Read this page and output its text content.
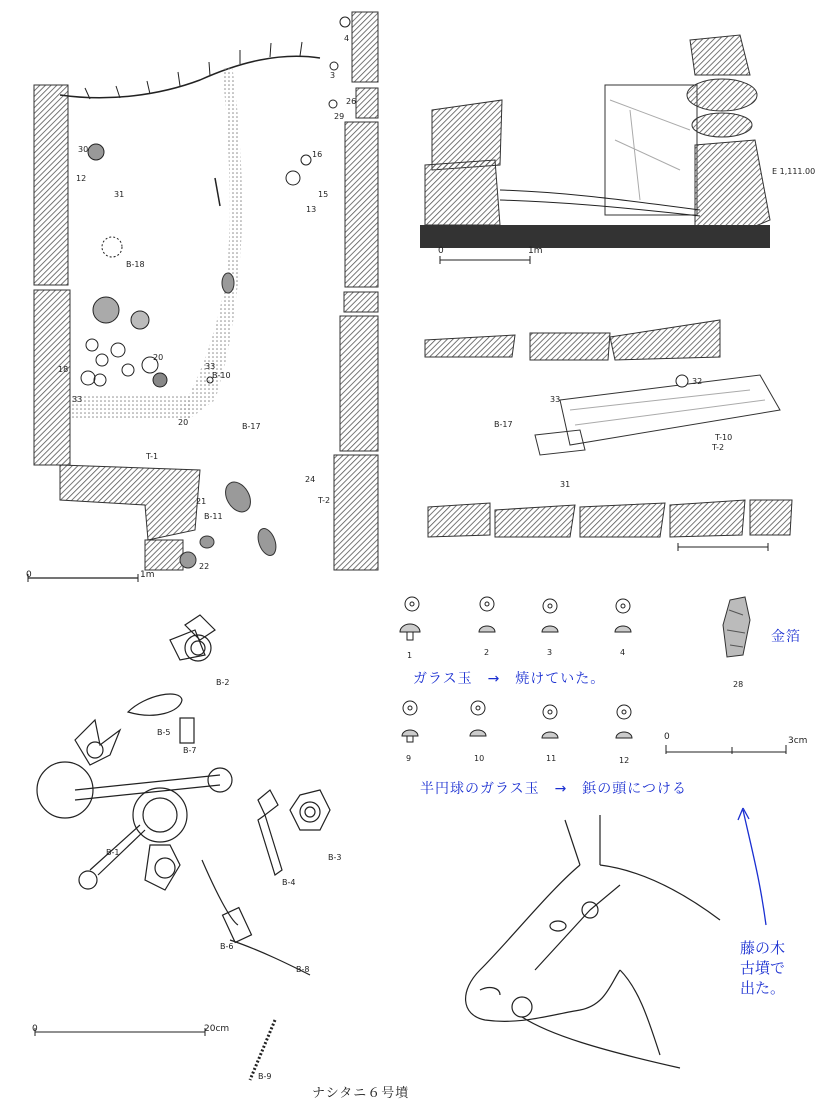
4
3
26
29
30
12
31
B-18
16
13
15
18
33
20
20
33
B-10
B-17
T-1
21
B-11
22
24
T-2
0	1m
E 1,111.00
0	1m
32
33
31
B-17
T-10
T-2
1	2	3	4
9	10	11	12
28
金箔
ガラス玉　→　焼けていた。
0	3cm
半円球のガラス玉　→　鋲の頭につける
B-2
B-5
B-7
B-1
B-3
B-4
B-6
B-8
B-9
0	20cm
藤の木
古墳で
出た。
ナシタニ６号墳
